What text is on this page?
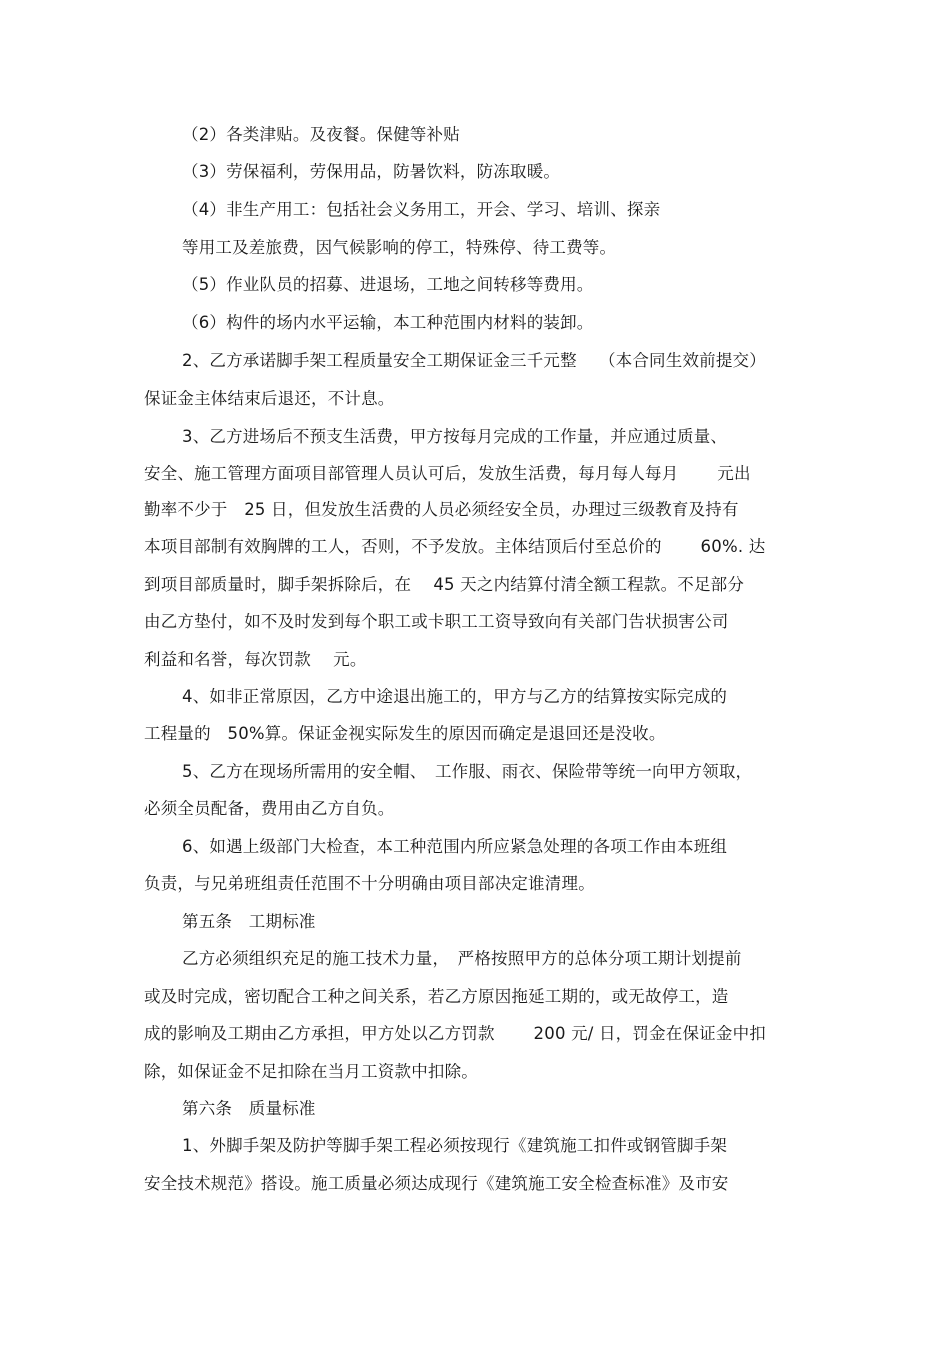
（2）各类津贴。及夜餐。保健等补贴
（3）劳保福利，劳保用品，防暑饮料，防冻取暖。
（4）非生产用工：包括社会义务用工，开会、学习、培训、探亲
等用工及差旅费，因气候影响的停工，特殊停、待工费等。
（5）作业队员的招募、进退场，工地之间转移等费用。
（6）构件的场内水平运输，本工种范围内材料的装卸。
2、乙方承诺脚手架工程质量安全工期保证金三千元整　 （本合同生效前提交）
保证金主体结束后退还，不计息。
3、乙方进场后不预支生活费，甲方按每月完成的工作量，并应通过质量、
安全、施工管理方面项目部管理人员认可后，发放生活费，每月每人每月　　 元出
勤率不少于　25 日，但发放生活费的人员必须经安全员，办理过三级教育及持有
本项目部制有效胸牌的工人，否则，不予发放。主体结顶后付至总价的　　 60%. 达
到项目部质量时，脚手架拆除后，在　 45 天之内结算付清全额工程款。不足部分
由乙方垫付，如不及时发到每个职工或卡职工工资导致向有关部门告状损害公司
利益和名誉，每次罚款　 元。
4、如非正常原因，乙方中途退出施工的，甲方与乙方的结算按实际完成的
工程量的　50%算。保证金视实际发生的原因而确定是退回还是没收。
5、乙方在现场所需用的安全帽、　工作服、雨衣、保险带等统一向甲方领取，
必须全员配备，费用由乙方自负。
6、如遇上级部门大检查，本工种范围内所应紧急处理的各项工作由本班组
负责，与兄弟班组责任范围不十分明确由项目部决定谁清理。
第五条　工期标准
乙方必须组织充足的施工技术力量，　严格按照甲方的总体分项工期计划提前
或及时完成，密切配合工种之间关系，若乙方原因拖延工期的，或无故停工，造
成的影响及工期由乙方承担，甲方处以乙方罚款　　 200 元/ 日，罚金在保证金中扣
除，如保证金不足扣除在当月工资款中扣除。
第六条　质量标准
1、外脚手架及防护等脚手架工程必须按现行《建筑施工扣件或钢管脚手架
安全技术规范》搭设。施工质量必须达成现行《建筑施工安全检查标准》及市安
